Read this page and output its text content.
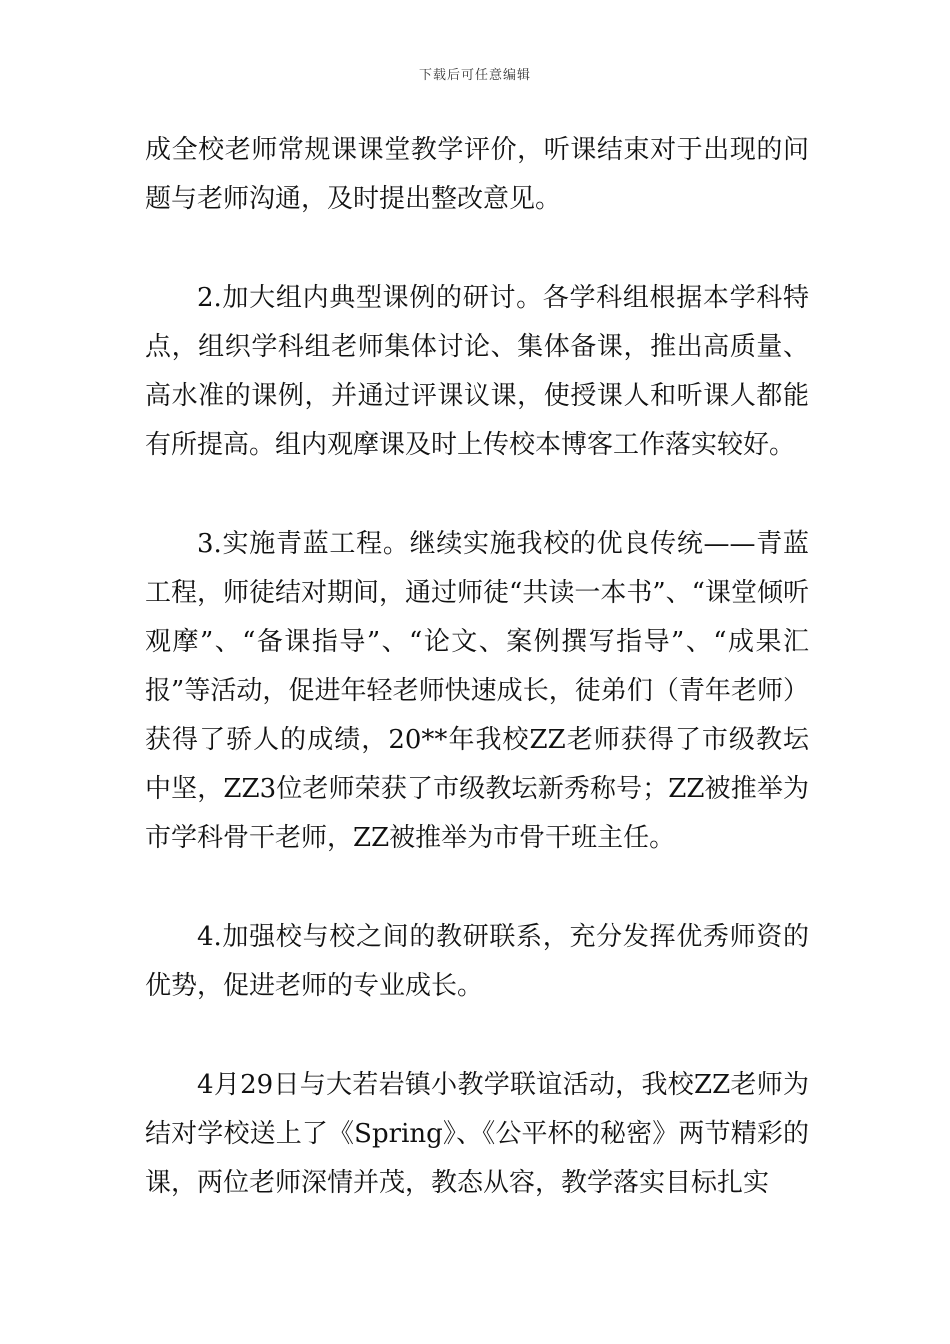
下载后可任意编辑

成全校老师常规课课堂教学评价，听课结束对于出现的问题与老师沟通，及时提出整改意见。

2.加大组内典型课例的研讨。各学科组根据本学科特点，组织学科组老师集体讨论、集体备课，推出高质量、高水准的课例，并通过评课议课，使授课人和听课人都能有所提高。组内观摩课及时上传校本博客工作落实较好。

3.实施青蓝工程。继续实施我校的优良传统——青蓝工程，师徒结对期间，通过师徒“共读一本书”、“课堂倾听观摩”、“备课指导”、“论文、案例撰写指导”、“成果汇报”等活动，促进年轻老师快速成长，徒弟们（青年老师）获得了骄人的成绩，20**年我校ZZ老师获得了市级教坛中坚，ZZ3位老师荣获了市级教坛新秀称号；ZZ被推举为市学科骨干老师，ZZ被推举为市骨干班主任。

4.加强校与校之间的教研联系，充分发挥优秀师资的优势，促进老师的专业成长。

4月29日与大若岩镇小教学联谊活动，我校ZZ老师为结对学校送上了《Spring》、《公平杯的秘密》两节精彩的课，两位老师深情并茂，教态从容，教学落实目标扎实
